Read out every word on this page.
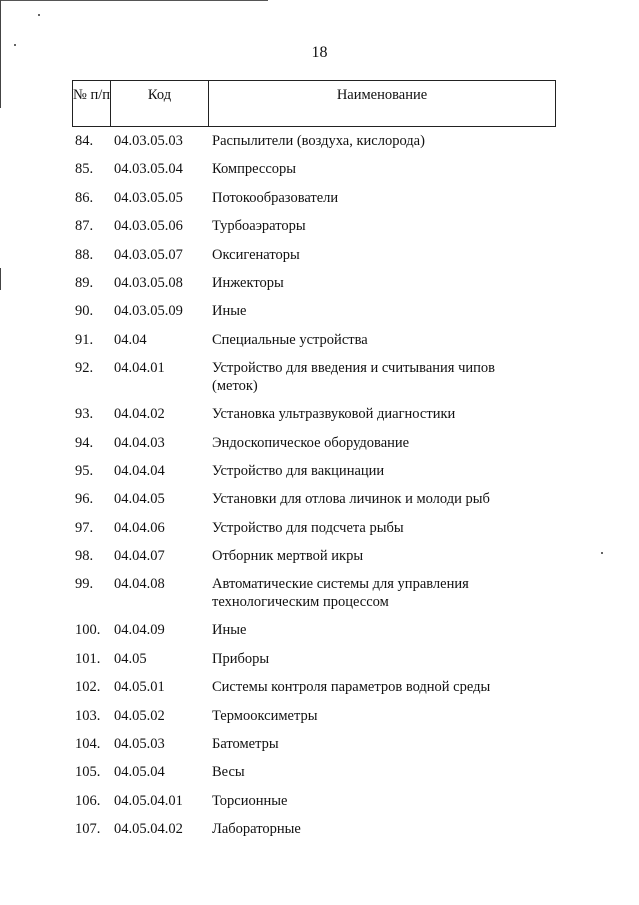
18
№ п/п	Код	Наименование
84. 04.03.05.03 Распылители (воздуха, кислорода)
85. 04.03.05.04 Компрессоры
86. 04.03.05.05 Потокообразователи
87. 04.03.05.06 Турбоаэраторы
88. 04.03.05.07 Оксигенаторы
89. 04.03.05.08 Инжекторы
90. 04.03.05.09 Иные
91. 04.04	Специальные устройства
92. 04.04.01	Устройство для введения и считывания чипов (меток)
93. 04.04.02	Установка ультразвуковой диагностики
94. 04.04.03	Эндоскопическое оборудование
95. 04.04.04	Устройство для вакцинации
96. 04.04.05	Установки для отлова личинок и молоди рыб
97. 04.04.06	Устройство для подсчета рыбы
98. 04.04.07	Отборник мертвой икры
99. 04.04.08	Автоматические системы для управления технологическим процессом
100. 04.04.09	Иные
101. 04.05	Приборы
102. 04.05.01	Системы контроля параметров водной среды
103. 04.05.02	Термооксиметры
104. 04.05.03	Батометры
105. 04.05.04	Весы
106. 04.05.04.01 Торсионные
107. 04.05.04.02 Лабораторные
